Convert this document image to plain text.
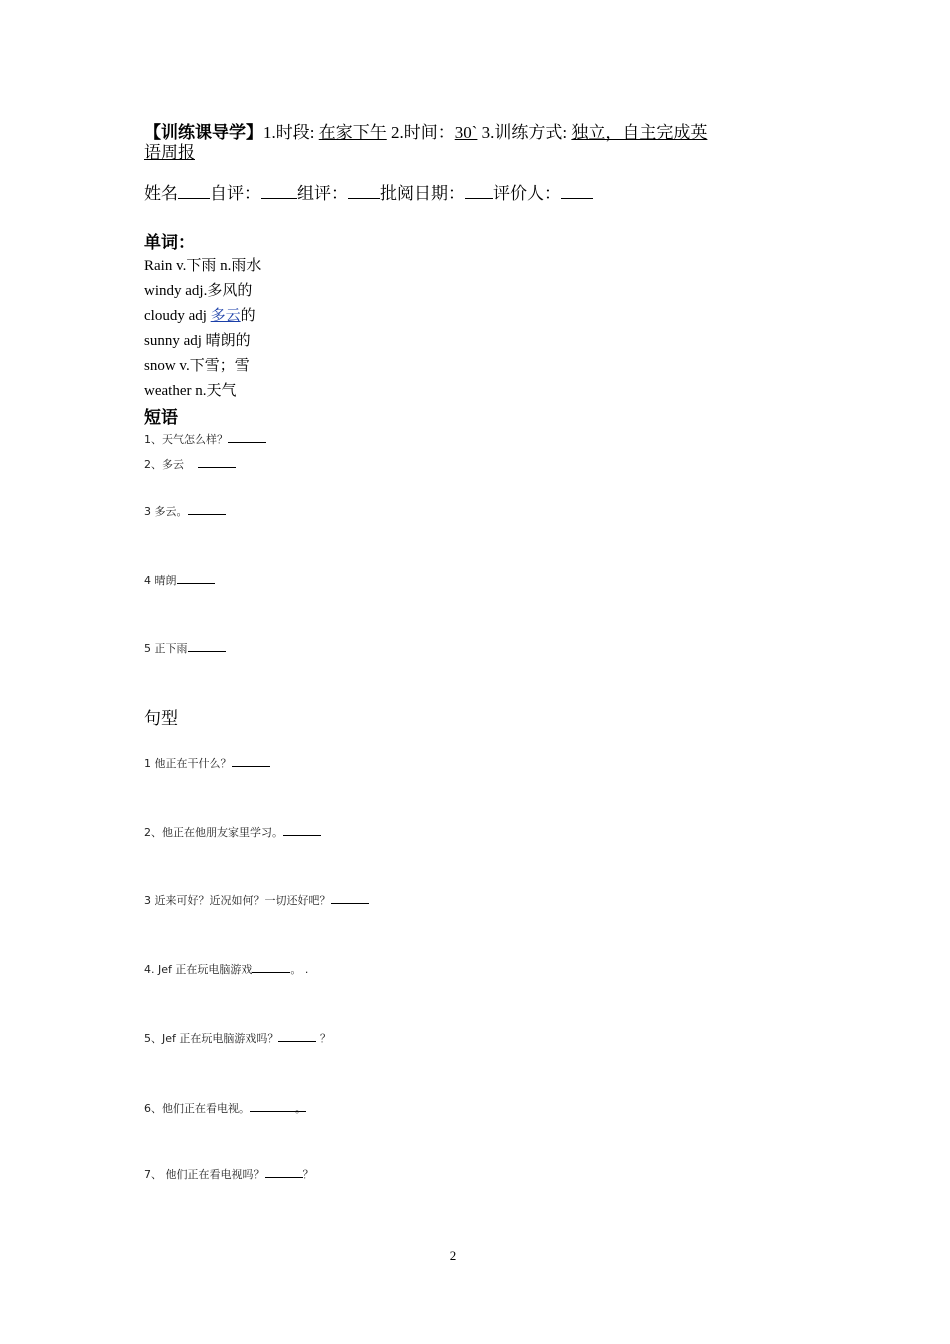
【训练课导学】1.时段: 在家下午 2.时间：30` 3.训练方式: 独立，自主完成英
语周报
姓名 自评： 组评： 批阅日期： 评价人：
单词：
Rain v.下雨 n.雨水
windy adj.多风的
cloudy adj 多云的
sunny adj 晴朗的
snow v.下雪；雪
weather n.天气
短语
1、天气怎么样？
2、多云
3 多云。
4 晴朗
5 正下雨
句型
1 他正在干什么？
2、他正在他朋友家里学习。
3 近来可好？近况如何？一切还好吧？
4. Jef 正在玩电脑游戏	。 .
5、Jef 正在玩电脑游戏吗？	？
6、他们正在看电视。	。
7、 他们正在看电视吗？	？
2
